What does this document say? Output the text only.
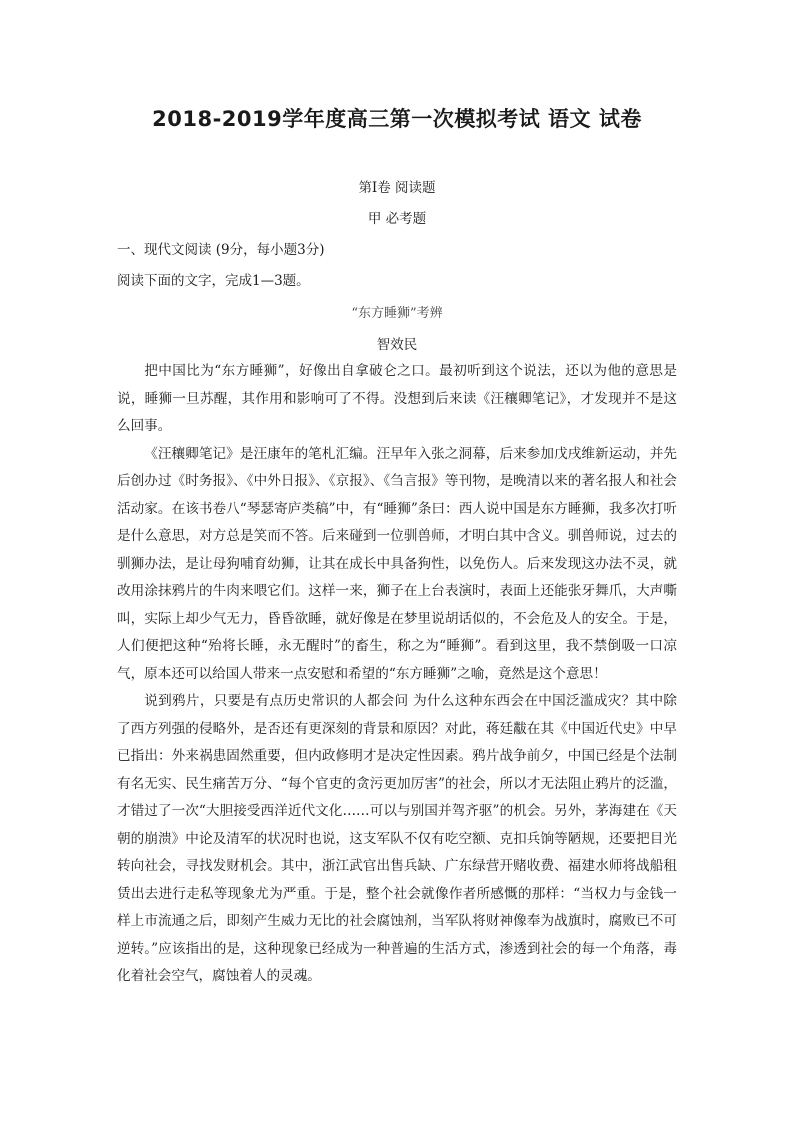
2018-2019学年度高三第一次模拟考试 语文 试卷
第I卷 阅读题
甲 必考题
一、现代文阅读 (9分，每小题3分)
阅读下面的文字，完成1—3题。
“东方睡狮”考辨
智效民

把中国比为“东方睡狮”，好像出自拿破仑之口。最初听到这个说法，还以为他的意思是说，睡狮一旦苏醒，其作用和影响可了不得。没想到后来读《汪穰卿笔记》，才发现并不是这么回事。

《汪穰卿笔记》是汪康年的笔札汇编。汪早年入张之洞幕，后来参加戊戌维新运动，并先后创办过《时务报》、《中外日报》、《京报》、《刍言报》等刊物，是晚清以来的著名报人和社会活动家。在该书卷八“琴瑟寄庐类稿”中，有“睡狮”条曰：西人说中国是东方睡狮，我多次打听是什么意思，对方总是笑而不答。后来碰到一位驯兽师，才明白其中含义。驯兽师说，过去的驯狮办法，是让母狗哺育幼狮，让其在成长中具备狗性，以免伤人。后来发现这办法不灵，就改用涂抹鸦片的牛肉来喂它们。这样一来，狮子在上台表演时，表面上还能张牙舞爪，大声嘶叫，实际上却少气无力，昏昏欲睡，就好像是在梦里说胡话似的，不会危及人的安全。于是，人们便把这种“殆将长睡，永无醒时”的畜生，称之为“睡狮”。看到这里，我不禁倒吸一口凉气，原本还可以给国人带来一点安慰和希望的“东方睡狮”之喻，竟然是这个意思！

说到鸦片，只要是有点历史常识的人都会问 为什么这种东西会在中国泛滥成灾？其中除了西方列强的侵略外，是否还有更深刻的背景和原因？对此，蒋廷黻在其《中国近代史》中早已指出：外来祸患固然重要，但内政修明才是决定性因素。鸦片战争前夕，中国已经是个法制有名无实、民生痛苦万分、“每个官吏的贪污更加厉害”的社会，所以才无法阻止鸦片的泛滥，才错过了一次“大胆接受西洋近代文化……可以与别国并驾齐驱”的机会。另外，茅海建在《天朝的崩溃》中论及清军的状况时也说，这支军队不仅有吃空额、克扣兵饷等陋规，还要把目光转向社会，寻找发财机会。其中，浙江武官出售兵缺、广东绿营开赌收费、福建水师将战船租赁出去进行走私等现象尤为严重。于是，整个社会就像作者所感慨的那样：“当权力与金钱一样上市流通之后，即刻产生威力无比的社会腐蚀剂，当军队将财神像奉为战旗时，腐败已不可逆转。”应该指出的是，这种现象已经成为一种普遍的生活方式，渗透到社会的每一个角落，毒化着社会空气，腐蚀着人的灵魂。
